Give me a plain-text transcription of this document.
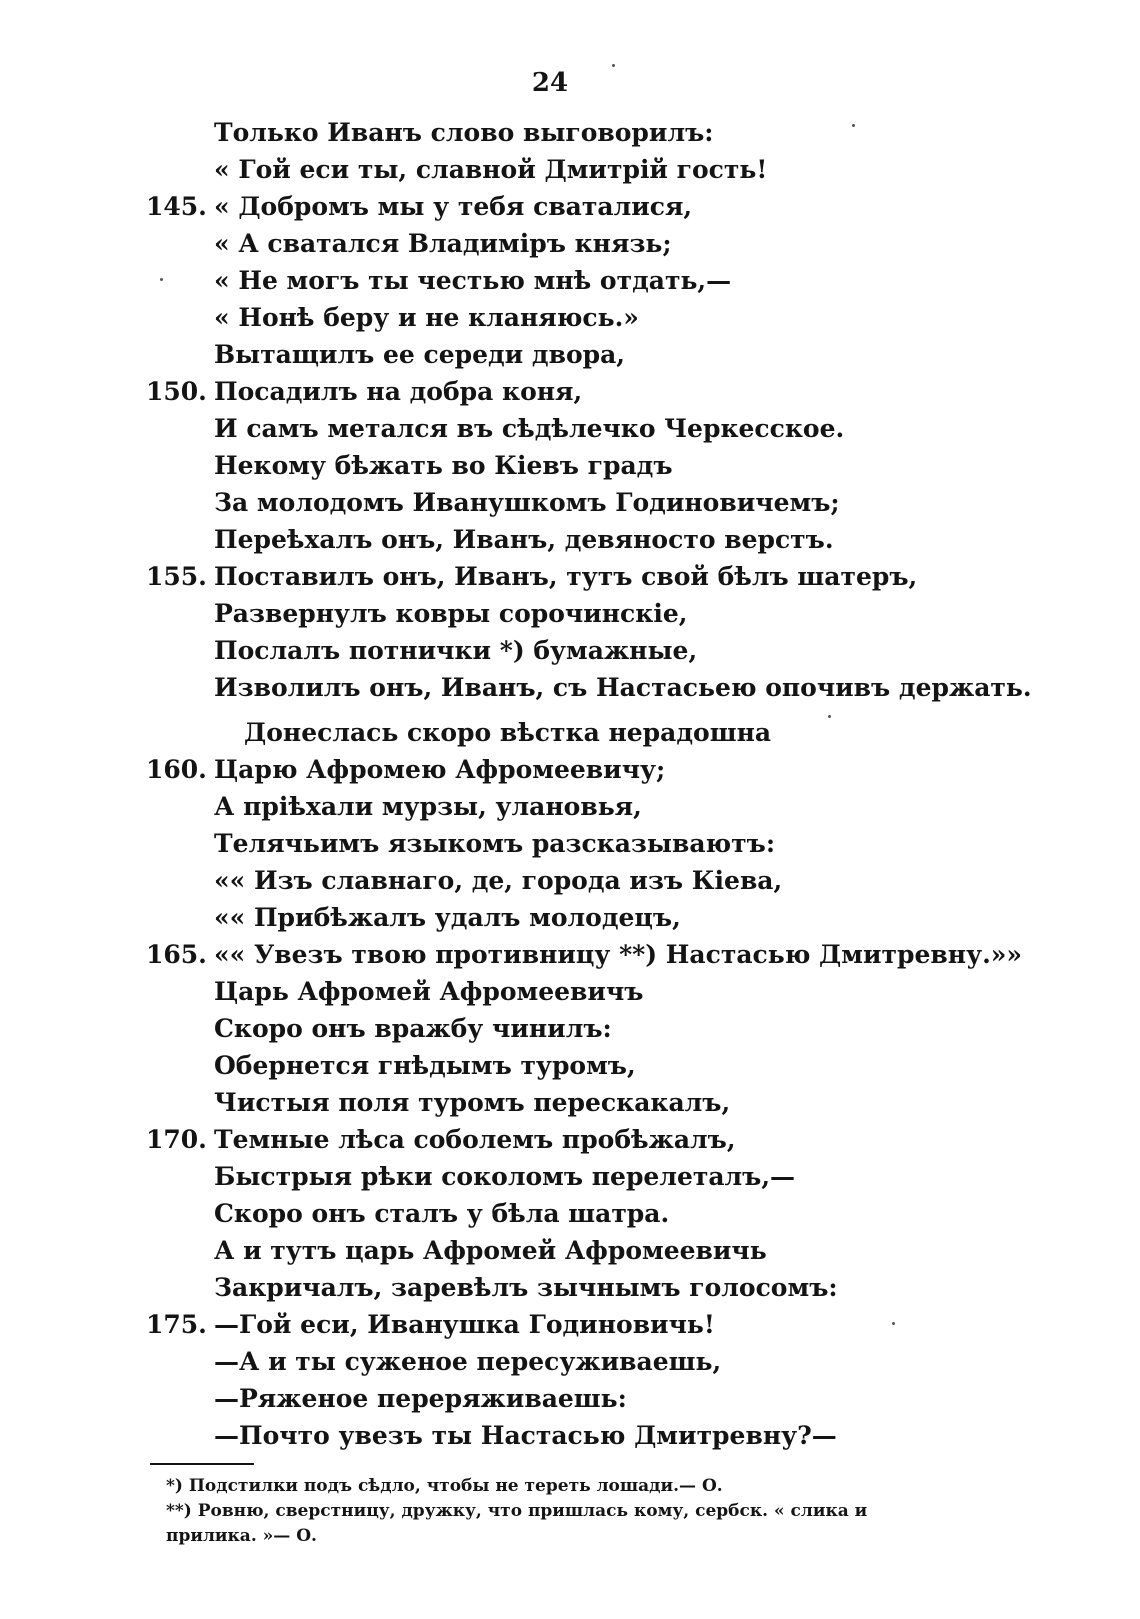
24
Только Иванъ слово выговорилъ:
« Гой еси ты, славной Дмитрій гость!
145. « Добромъ мы у тебя сваталися,
« А сватался Владиміръ князь;
« Не могъ ты честью мнѣ отдать,—
« Нонѣ беру и не кланяюсь.»
Вытащилъ ее середи двора,
150. Посадилъ на добра коня,
И самъ метался въ сѣдѣлечко Черкесское.
Некому бѣжать во Кіевъ градъ
За молодомъ Иванушкомъ Годиновичемъ;
Переѣхалъ онъ, Иванъ, девяносто верстъ.
155. Поставилъ онъ, Иванъ, тутъ свой бѣлъ шатеръ,
Развернулъ ковры сорочинскіе,
Послалъ потнички *) бумажные,
Изволилъ онъ, Иванъ, съ Настасьею опочивъ держать.
Донеслась скоро вѣстка нерадошна
160. Царю Афромею Афромеевичу;
А пріѣхали мурзы, улановья,
Телячьимъ языкомъ разсказываютъ:
«« Изъ славнаго, де, города изъ Кіева,
«« Прибѣжалъ удалъ молодецъ,
165. «« Увезъ твою противницу **) Настасью Дмитревну.»»
Царь Афромей Афромеевичъ
Скоро онъ вражбу чинилъ:
Обернется гнѣдымъ туромъ,
Чистыя поля туромъ перескакалъ,
170. Темные лѣса соболемъ пробѣжалъ,
Быстрыя рѣки соколомъ перелеталъ,—
Скоро онъ сталъ у бѣла шатра.
А и тутъ царь Афромей Афромеевичь
Закричалъ, заревѣлъ зычнымъ голосомъ:
175. —Гой еси, Иванушка Годиновичь!
—А и ты суженое пересуживаешь,
—Ряженое переряживаешь:
—Почто увезъ ты Настасью Дмитревну?—

*) Подстилки подъ сѣдло, чтобы не тереть лошади.— О.

**) Ровню, сверстницу, дружку, что пришлась кому, сербск. « слика и прилика. »— О.
